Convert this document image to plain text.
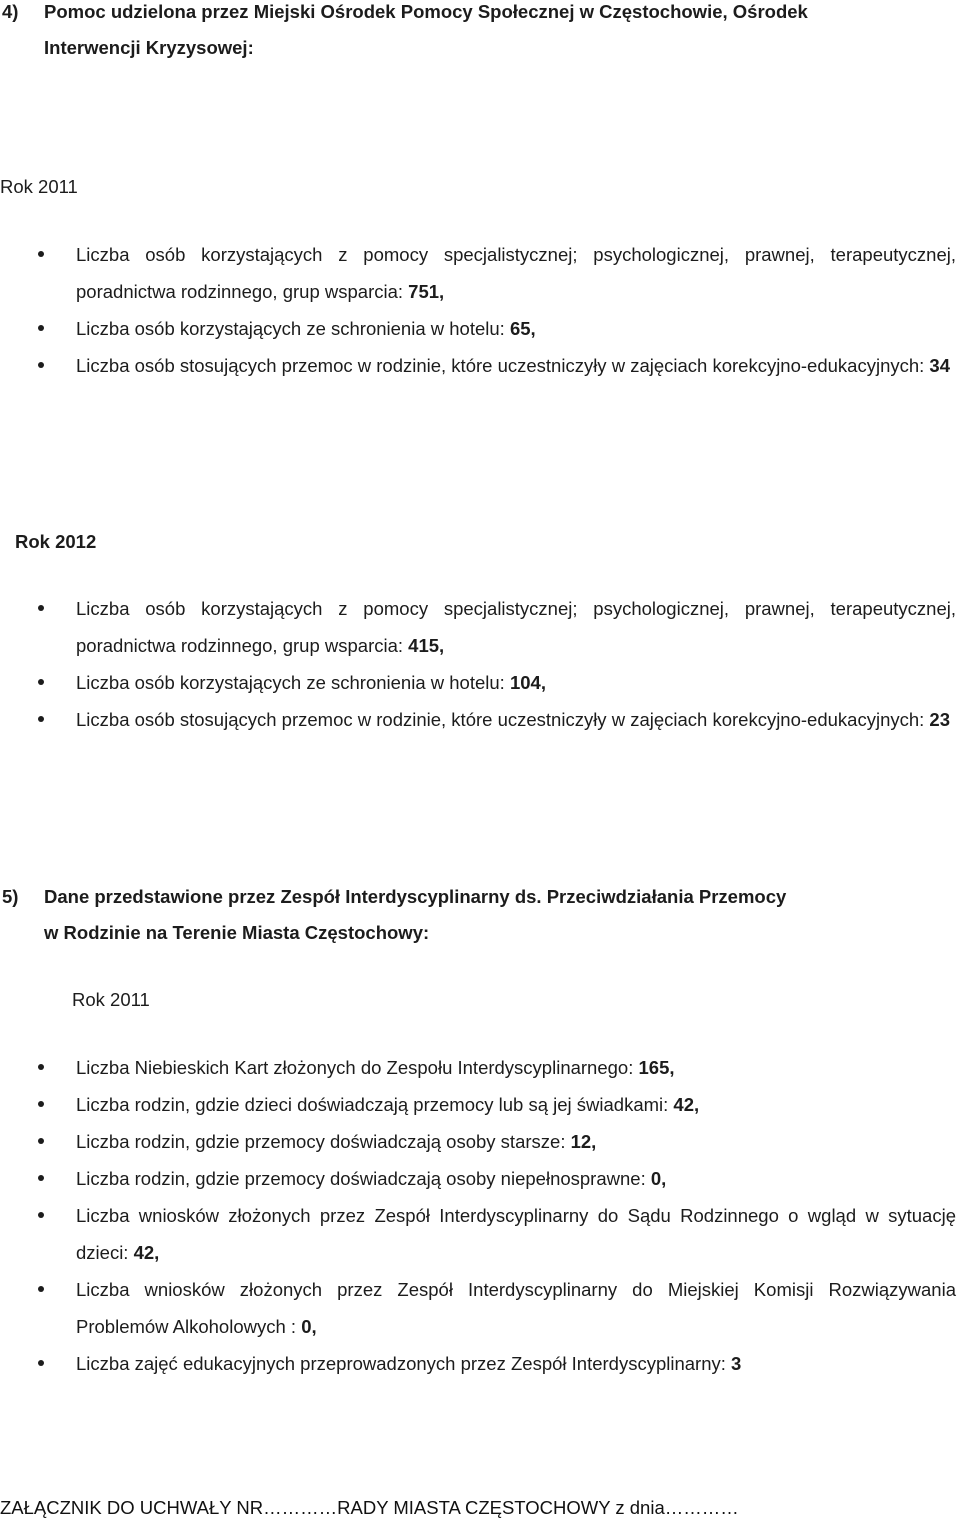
4) Pomoc udzielona przez Miejski Ośrodek Pomocy Społecznej w Częstochowie, Ośrodek
Interwencji Kryzysowej:

Rok 2011

Liczba osób korzystających z pomocy specjalistycznej; psychologicznej, prawnej, terapeutycznej, poradnictwa rodzinnego, grup wsparcia: 751,
Liczba osób korzystających ze schronienia w hotelu: 65,
Liczba osób stosujących przemoc w rodzinie, które uczestniczyły w zajęciach korekcyjno-edukacyjnych: 34

Rok 2012

Liczba osób korzystających z pomocy specjalistycznej; psychologicznej, prawnej, terapeutycznej, poradnictwa rodzinnego, grup wsparcia: 415,
Liczba osób korzystających ze schronienia w hotelu: 104,
Liczba osób stosujących przemoc w rodzinie, które uczestniczyły w zajęciach korekcyjno-edukacyjnych: 23
5) Dane przedstawione przez Zespół Interdyscyplinarny ds. Przeciwdziałania Przemocy
w Rodzinie na Terenie Miasta Częstochowy:

Rok 2011

Liczba Niebieskich Kart złożonych do Zespołu Interdyscyplinarnego: 165,
Liczba rodzin, gdzie dzieci doświadczają przemocy lub są jej świadkami: 42,
Liczba rodzin, gdzie przemocy doświadczają osoby starsze: 12,
Liczba rodzin, gdzie przemocy doświadczają osoby niepełnosprawne: 0,
Liczba wniosków złożonych przez Zespół Interdyscyplinarny do Sądu Rodzinnego o wgląd w sytuację dzieci: 42,
Liczba wniosków złożonych przez Zespół Interdyscyplinarny do Miejskiej Komisji Rozwiązywania Problemów Alkoholowych : 0,
Liczba zajęć edukacyjnych przeprowadzonych przez Zespół Interdyscyplinarny: 3
ZAŁĄCZNIK DO UCHWAŁY NR…………RADY MIASTA CZĘSTOCHOWY z dnia…………
